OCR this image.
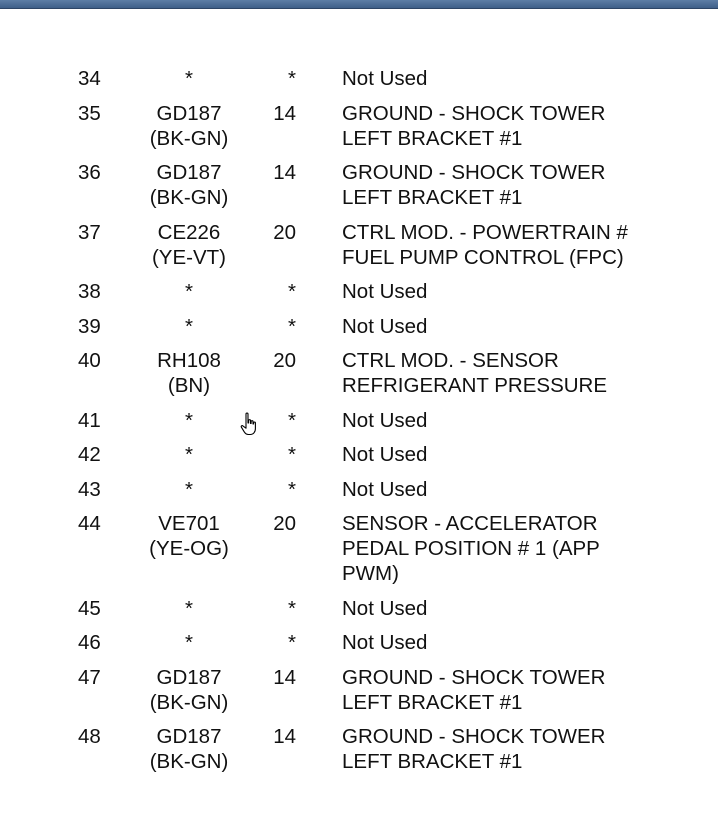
34	*	*	Not Used

35	GD187
(BK-GN)	14	GROUND - SHOCK TOWER
LEFT BRACKET #1

36	GD187
(BK-GN)	14	GROUND - SHOCK TOWER
LEFT BRACKET #1

37	CE226
(YE-VT)	20	CTRL MOD. - POWERTRAIN #
FUEL PUMP CONTROL (FPC)

38	*	*	Not Used

39	*	*	Not Used

40	RH108
(BN)	20	CTRL MOD. - SENSOR
REFRIGERANT PRESSURE

41	*	*	Not Used

42	*	*	Not Used

43	*	*	Not Used

44	VE701
(YE-OG)	20	SENSOR - ACCELERATOR
PEDAL POSITION # 1 (APP
PWM)

45	*	*	Not Used

46	*	*	Not Used

47	GD187
(BK-GN)	14	GROUND - SHOCK TOWER
LEFT BRACKET #1

48	GD187
(BK-GN)	14	GROUND - SHOCK TOWER
LEFT BRACKET #1
